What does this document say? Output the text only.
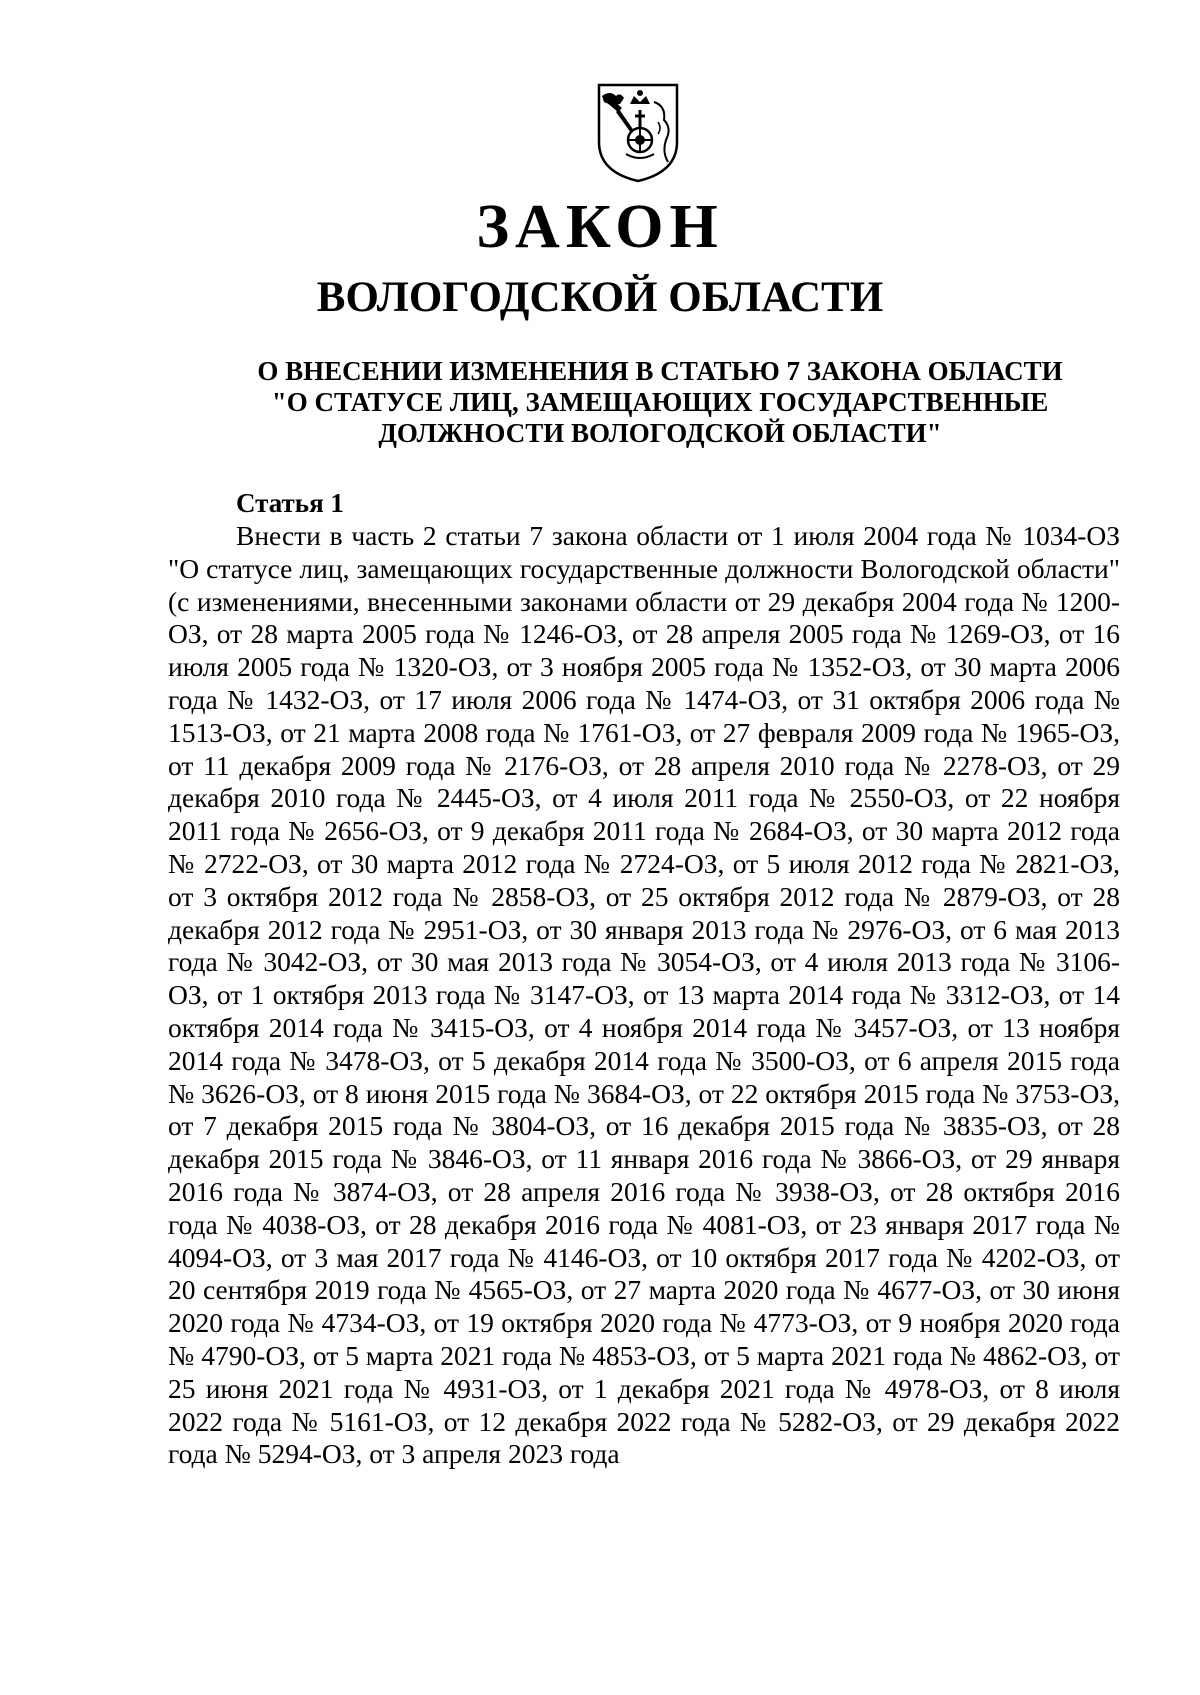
ЗАКОН
ВОЛОГОДСКОЙ ОБЛАСТИ
О ВНЕСЕНИИ ИЗМЕНЕНИЯ В СТАТЬЮ 7 ЗАКОНА ОБЛАСТИ
"О СТАТУСЕ ЛИЦ, ЗАМЕЩАЮЩИХ ГОСУДАРСТВЕННЫЕ
ДОЛЖНОСТИ ВОЛОГОДСКОЙ ОБЛАСТИ"

Статья 1

Внести в часть 2 статьи 7 закона области от 1 июля 2004 года № 1034-ОЗ "О статусе лиц, замещающих государственные должности Вологодской области" (с изменениями, внесенными законами области от 29 декабря 2004 года № 1200-ОЗ, от 28 марта 2005 года № 1246-ОЗ, от 28 апреля 2005 года № 1269-ОЗ, от 16 июля 2005 года № 1320-ОЗ, от 3 ноября 2005 года № 1352-ОЗ, от 30 марта 2006 года № 1432-ОЗ, от 17 июля 2006 года № 1474-ОЗ, от 31 октября 2006 года № 1513-ОЗ, от 21 марта 2008 года № 1761-ОЗ, от 27 февраля 2009 года № 1965-ОЗ, от 11 декабря 2009 года № 2176-ОЗ, от 28 апреля 2010 года № 2278-ОЗ, от 29 декабря 2010 года № 2445-ОЗ, от 4 июля 2011 года № 2550-ОЗ, от 22 ноября 2011 года № 2656-ОЗ, от 9 декабря 2011 года № 2684-ОЗ, от 30 марта 2012 года № 2722-ОЗ, от 30 марта 2012 года № 2724-ОЗ, от 5 июля 2012 года № 2821-ОЗ, от 3 октября 2012 года № 2858-ОЗ, от 25 октября 2012 года № 2879-ОЗ, от 28 декабря 2012 года № 2951-ОЗ, от 30 января 2013 года № 2976-ОЗ, от 6 мая 2013 года № 3042-ОЗ, от 30 мая 2013 года № 3054-ОЗ, от 4 июля 2013 года № 3106-ОЗ, от 1 октября 2013 года № 3147-ОЗ, от 13 марта 2014 года № 3312-ОЗ, от 14 октября 2014 года № 3415-ОЗ, от 4 ноября 2014 года № 3457-ОЗ, от 13 ноября 2014 года № 3478-ОЗ, от 5 декабря 2014 года № 3500-ОЗ, от 6 апреля 2015 года № 3626-ОЗ, от 8 июня 2015 года № 3684-ОЗ, от 22 октября 2015 года № 3753-ОЗ, от 7 декабря 2015 года № 3804-ОЗ, от 16 декабря 2015 года № 3835-ОЗ, от 28 декабря 2015 года № 3846-ОЗ, от 11 января 2016 года № 3866-ОЗ, от 29 января 2016 года № 3874-ОЗ, от 28 апреля 2016 года № 3938-ОЗ, от 28 октября 2016 года № 4038-ОЗ, от 28 декабря 2016 года № 4081-ОЗ, от 23 января 2017 года № 4094-ОЗ, от 3 мая 2017 года № 4146-ОЗ, от 10 октября 2017 года № 4202-ОЗ, от 20 сентября 2019 года № 4565-ОЗ, от 27 марта 2020 года № 4677-ОЗ, от 30 июня 2020 года № 4734-ОЗ, от 19 октября 2020 года № 4773-ОЗ, от 9 ноября 2020 года № 4790-ОЗ, от 5 марта 2021 года № 4853-ОЗ, от 5 марта 2021 года № 4862-ОЗ, от 25 июня 2021 года № 4931-ОЗ, от 1 декабря 2021 года № 4978-ОЗ, от 8 июля 2022 года № 5161-ОЗ, от 12 декабря 2022 года № 5282-ОЗ, от 29 декабря 2022 года № 5294-ОЗ, от 3 апреля 2023 года
